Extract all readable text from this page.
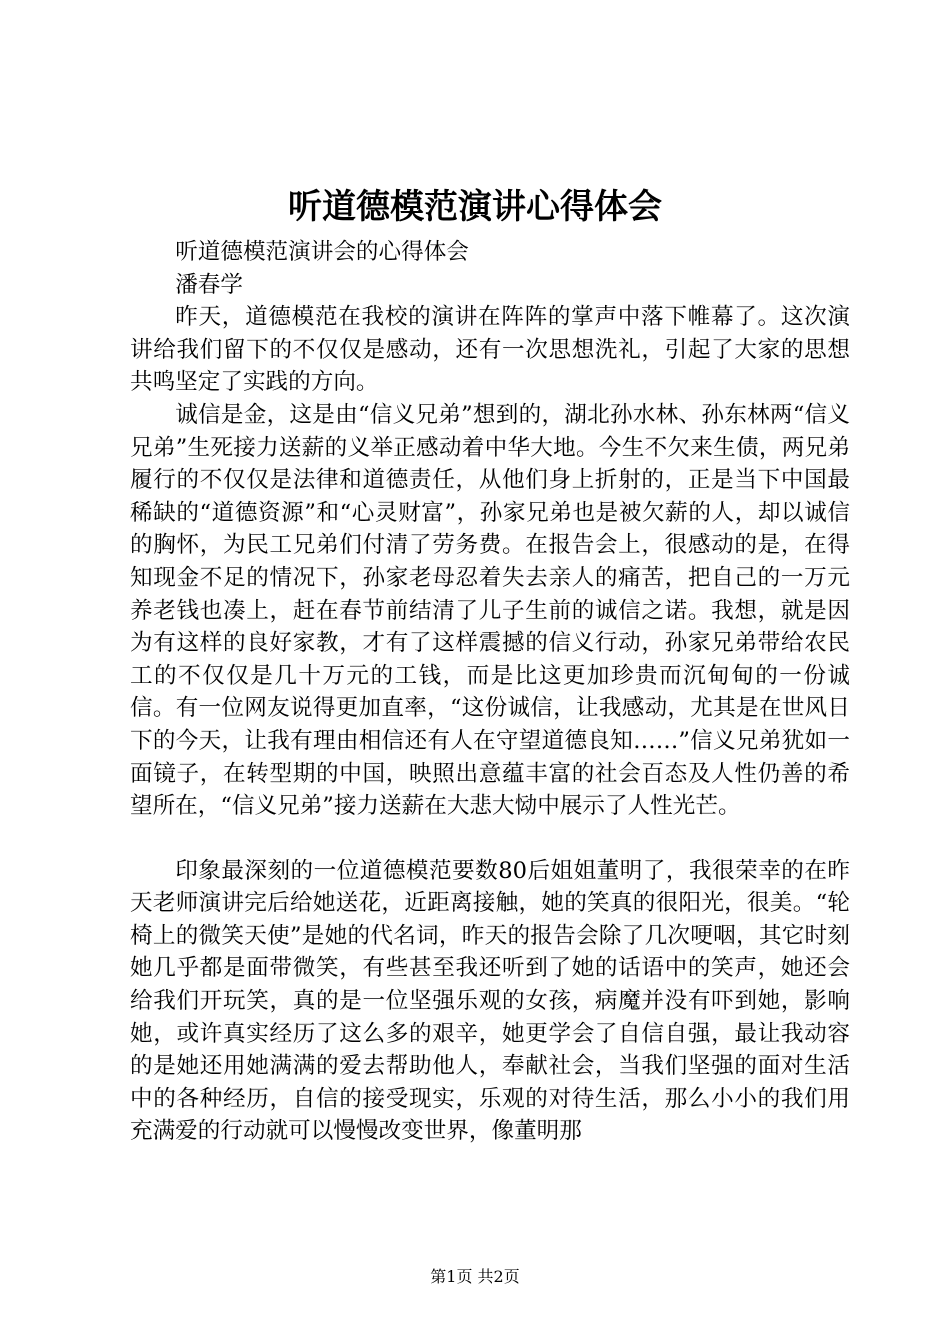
听道德模范演讲心得体会

听道德模范演讲会的心得体会

潘春学

昨天，道德模范在我校的演讲在阵阵的掌声中落下帷幕了。这次演讲给我们留下的不仅仅是感动，还有一次思想洗礼，引起了大家的思想共鸣坚定了实践的方向。

诚信是金，这是由“信义兄弟”想到的，湖北孙水林、孙东林两“信义兄弟”生死接力送薪的义举正感动着中华大地。今生不欠来生债，两兄弟履行的不仅仅是法律和道德责任，从他们身上折射的，正是当下中国最稀缺的“道德资源”和“心灵财富”，孙家兄弟也是被欠薪的人，却以诚信的胸怀，为民工兄弟们付清了劳务费。在报告会上，很感动的是，在得知现金不足的情况下，孙家老母忍着失去亲人的痛苦，把自己的一万元养老钱也凑上，赶在春节前结清了儿子生前的诚信之诺。我想，就是因为有这样的良好家教，才有了这样震撼的信义行动，孙家兄弟带给农民工的不仅仅是几十万元的工钱，而是比这更加珍贵而沉甸甸的一份诚信。有一位网友说得更加直率，“这份诚信，让我感动，尤其是在世风日下的今天，让我有理由相信还有人在守望道德良知……”信义兄弟犹如一面镜子，在转型期的中国，映照出意蕴丰富的社会百态及人性仍善的希望所在，“信义兄弟”接力送薪在大悲大恸中展示了人性光芒。

印象最深刻的一位道德模范要数80后姐姐董明了，我很荣幸的在昨天老师演讲完后给她送花，近距离接触，她的笑真的很阳光，很美。“轮椅上的微笑天使”是她的代名词，昨天的报告会除了几次哽咽，其它时刻她几乎都是面带微笑，有些甚至我还听到了她的话语中的笑声，她还会给我们开玩笑，真的是一位坚强乐观的女孩，病魔并没有吓到她，影响她，或许真实经历了这么多的艰辛，她更学会了自信自强，最让我动容的是她还用她满满的爱去帮助他人，奉献社会，当我们坚强的面对生活中的各种经历，自信的接受现实，乐观的对待生活，那么小小的我们用充满爱的行动就可以慢慢改变世界，像董明那

第1页 共2页
